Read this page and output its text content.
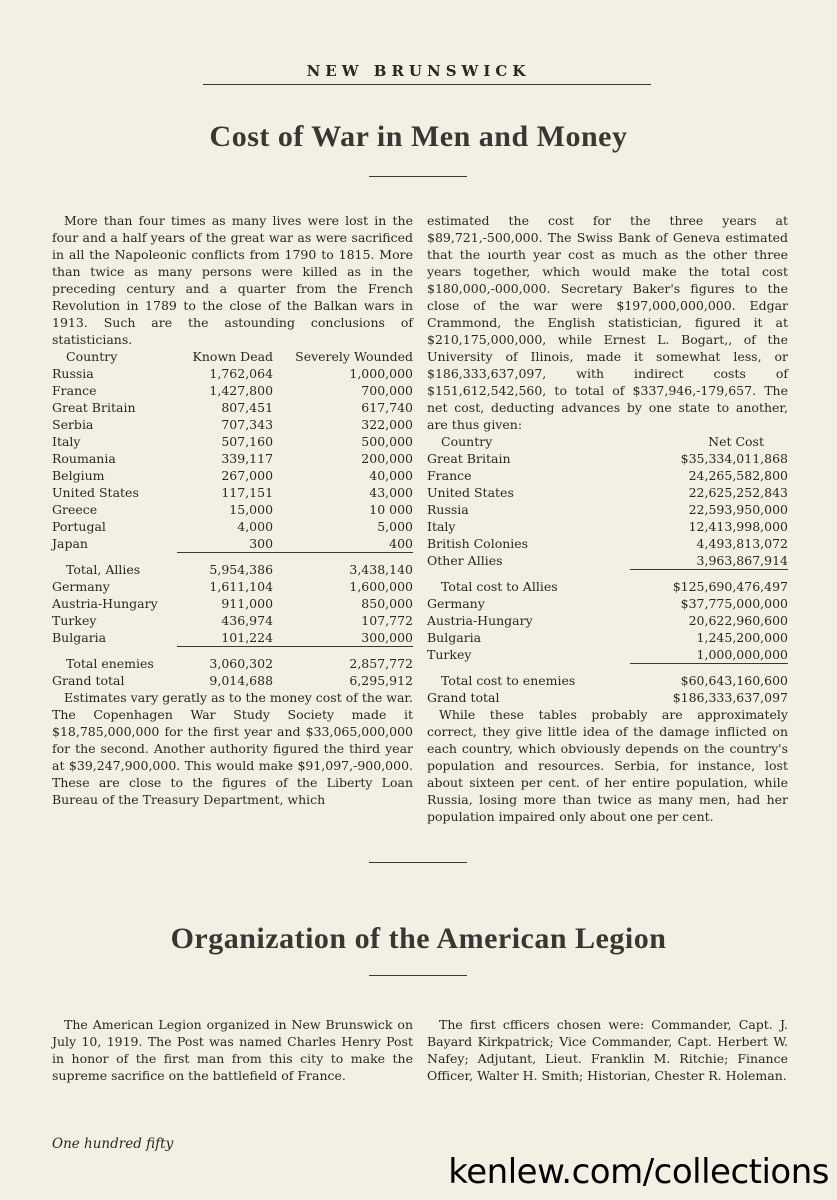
NEW BRUNSWICK
Cost of War in Men and Money

More than four times as many lives were lost in the four and a half years of the great war as were sacrificed in all the Napoleonic conflicts from 1790 to 1815. More than twice as many persons were killed as in the preceding century and a quarter from the French Revolution in 1789 to the close of the Balkan wars in 1913. Such are the astounding conclusions of statisticians.

Country	Known Dead	Severely Wounded
Russia	1,762,064	1,000,000
France	1,427,800	700,000
Great Britain	807,451	617,740
Serbia	707,343	322,000
Italy	507,160	500,000
Roumania	339,117	200,000
Belgium	267,000	40,000
United States	117,151	43,000
Greece	15,000	10 000
Portugal	4,000	5,000
Japan	300	400

Total, Allies	5,954,386	3,438,140
Germany	1,611,104	1,600,000
Austria-Hungary	911,000	850,000
Turkey	436,974	107,772
Bulgaria	101,224	300,000

Total enemies	3,060,302	2,857,772
Grand total	9,014,688	6,295,912

Estimates vary geratly as to the money cost of the war. The Copenhagen War Study Society made it $18,785,000,000 for the first year and $33,065,000,000 for the second. Another authority figured the third year at $39,247,900,000. This would make $91,097,-900,000. These are close to the figures of the Liberty Loan Bureau of the Treasury Department, which

estimated the cost for the three years at $89,721,-500,000. The Swiss Bank of Geneva estimated that the ıourth year cost as much as the other three years together, which would make the total cost $180,000,-000,000. Secretary Baker's figures to the close of the war were $197,000,000,000. Edgar Crammond, the English statistician, figured it at $210,175,000,000, while Ernest L. Bogart,, of the University of Ilinois, made it somewhat less, or $186,333,637,097, with indirect costs of $151,612,542,560, to total of $337,946,-179,657. The net cost, deducting advances by one state to another, are thus given:

Country	Net Cost
Great Britain	$35,334,011,868
France	24,265,582,800
United States	22,625,252,843
Russia	22,593,950,000
Italy	12,413,998,000
British Colonies	4,493,813,072
Other Allies	3,963,867,914

Total cost to Allies	$125,690,476,497
Germany	$37,775,000,000
Austria-Hungary	20,622,960,600
Bulgaria	1,245,200,000
Turkey	1,000,000,000

Total cost to enemies	$60,643,160,600
Grand total	$186,333,637,097

While these tables probably are approximately correct, they give little idea of the damage inflicted on each country, which obviously depends on the country's population and resources. Serbia, for instance, lost about sixteen per cent. of her entire population, while Russia, losing more than twice as many men, had her population impaired only about one per cent.

Organization of the American Legion

The American Legion organized in New Brunswick on July 10, 1919. The Post was named Charles Henry Post in honor of the first man from this city to make the supreme sacrifice on the battlefield of France.

The first cfficers chosen were: Commander, Capt. J. Bayard Kirkpatrick; Vice Commander, Capt. Herbert W. Nafey; Adjutant, Lieut. Franklin M. Ritchie; Finance Officer, Walter H. Smith; Historian, Chester R. Holeman.

One hundred fifty
kenlew.com/collections
